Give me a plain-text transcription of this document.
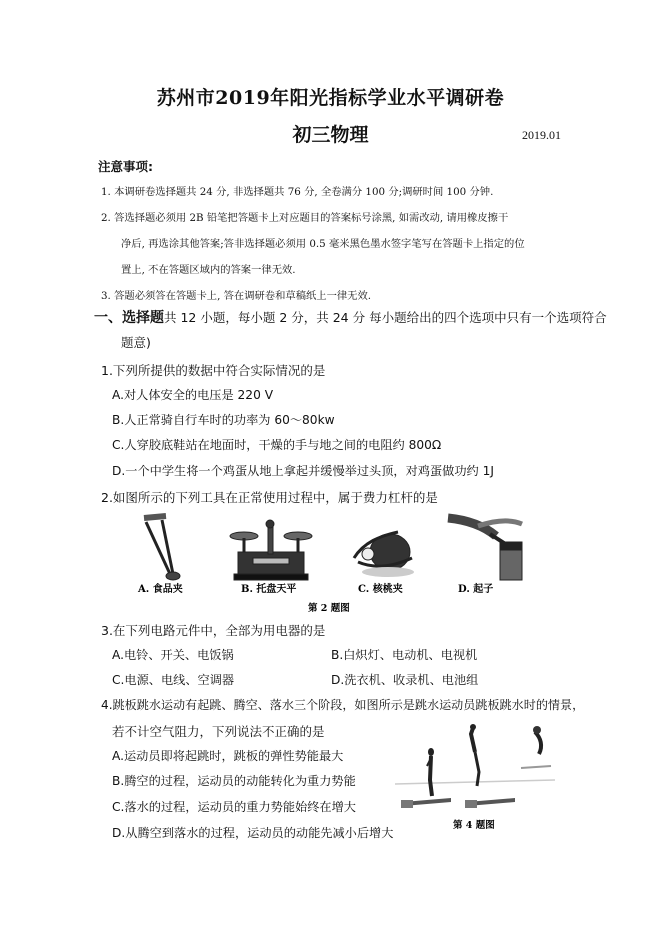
苏州市2019年阳光指标学业水平调研卷
初三物理	2019.01
注意事项:
1. 本调研卷选择题共 24 分, 非选择题共 76 分, 全卷满分 100 分;调研时间 100 分钟.
2. 答选择题必须用 2B 铅笔把答题卡上对应题目的答案标号涂黑, 如需改动, 请用橡皮擦干
净后, 再选涂其他答案;答非选择题必须用 0.5 毫米黑色墨水签字笔写在答题卡上指定的位
置上, 不在答题区域内的答案一律无效.
3. 答题必须答在答题卡上, 答在调研卷和草稿纸上一律无效.
一、选择题共 12 小题，每小题 2 分，共 24 分 每小题给出的四个选项中只有一个选项符合
题意)
1.下列所提供的数据中符合实际情况的是
A.对人体安全的电压是 220 V
B.人正常骑自行车时的功率为 60～80kw
C.人穿胶底鞋站在地面时，干燥的手与地之间的电阻约 800Ω
D.一个中学生将一个鸡蛋从地上拿起并缓慢举过头顶，对鸡蛋做功约 1J
2.如图所示的下列工具在正常使用过程中，属于费力杠杆的是
A. 食品夹	B. 托盘天平	C. 核桃夹	D. 起子
第 2 题图
3.在下列电路元件中，全部为用电器的是
A.电铃、开关、电饭锅	B.白炽灯、电动机、电视机
C.电源、电线、空调器	D.洗衣机、收录机、电池组
4.跳板跳水运动有起跳、腾空、落水三个阶段，如图所示是跳水运动员跳板跳水时的情景，
若不计空气阻力，下列说法不正确的是
A.运动员即将起跳时，跳板的弹性势能最大
B.腾空的过程，运动员的动能转化为重力势能
C.落水的过程，运动员的重力势能始终在增大
D.从腾空到落水的过程，运动员的动能先减小后增大
第 4 题图
